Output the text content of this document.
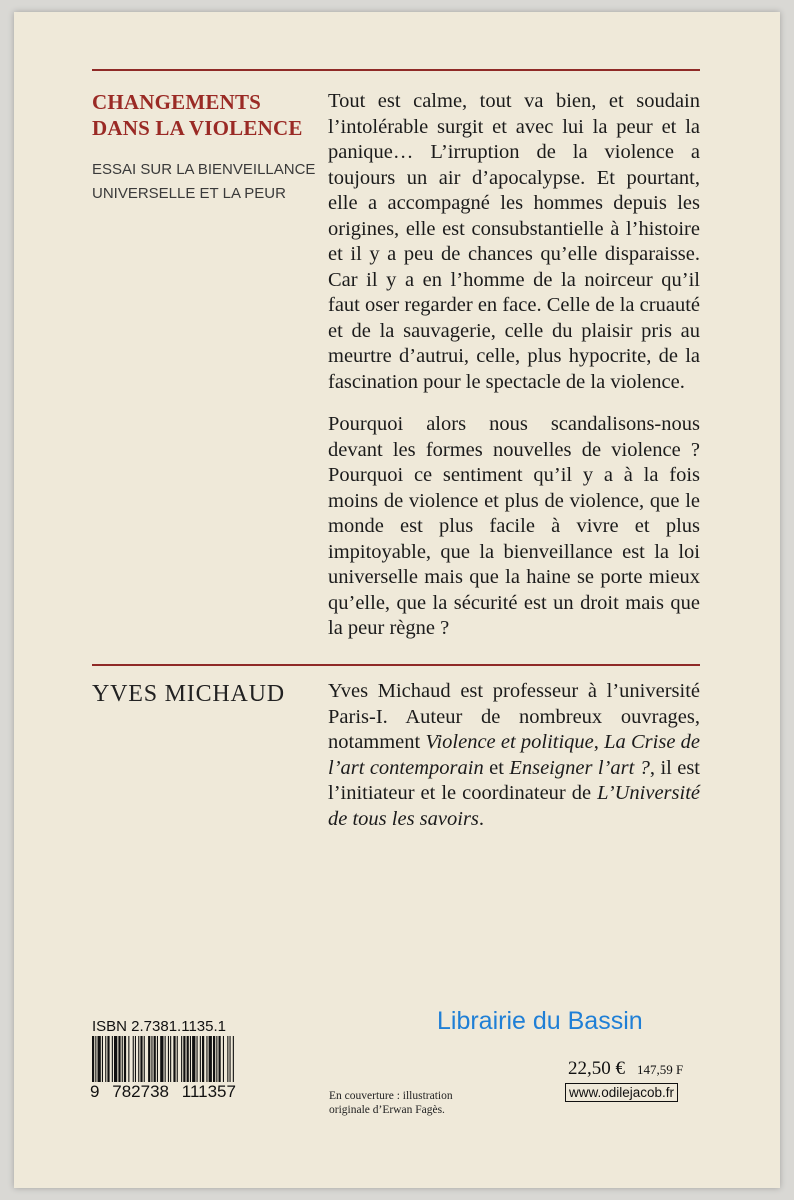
CHANGEMENTS
DANS LA VIOLENCE
ESSAI SUR LA BIENVEILLANCE
UNIVERSELLE ET LA PEUR

Tout est calme, tout va bien, et soudain l’intolérable surgit et avec lui la peur et la panique… L’irruption de la violence a toujours un air d’apocalypse. Et pourtant, elle a accompagné les hommes depuis les origines, elle est consubstantielle à l’histoire et il y a peu de chances qu’elle disparaisse. Car il y a en l’homme de la noirceur qu’il faut oser regarder en face. Celle de la cruauté et de la sauvagerie, celle du plaisir pris au meurtre d’autrui, celle, plus hypocrite, de la fascination pour le spectacle de la violence.

Pourquoi alors nous scandalisons-nous devant les formes nouvelles de violence ? Pourquoi ce sentiment qu’il y a à la fois moins de violence et plus de violence, que le monde est plus facile à vivre et plus impitoyable, que la bienveillance est la loi universelle mais que la haine se porte mieux qu’elle, que la sécurité est un droit mais que la peur règne ?

YVES MICHAUD Yves Michaud est professeur à l’université Paris-I. Auteur de nombreux ouvrages, notamment Violence et politique, La Crise de l’art contemporain et Enseigner l’art ?, il est l’initiateur et le coordinateur de L’Université de tous les savoirs.
ISBN 2.7381.1135.1
9 782738 111357	En couverture : illustration
originale d’Erwan Fagès.
Librairie du Bassin
22,50 € 147,59 F
www.odilejacob.fr
